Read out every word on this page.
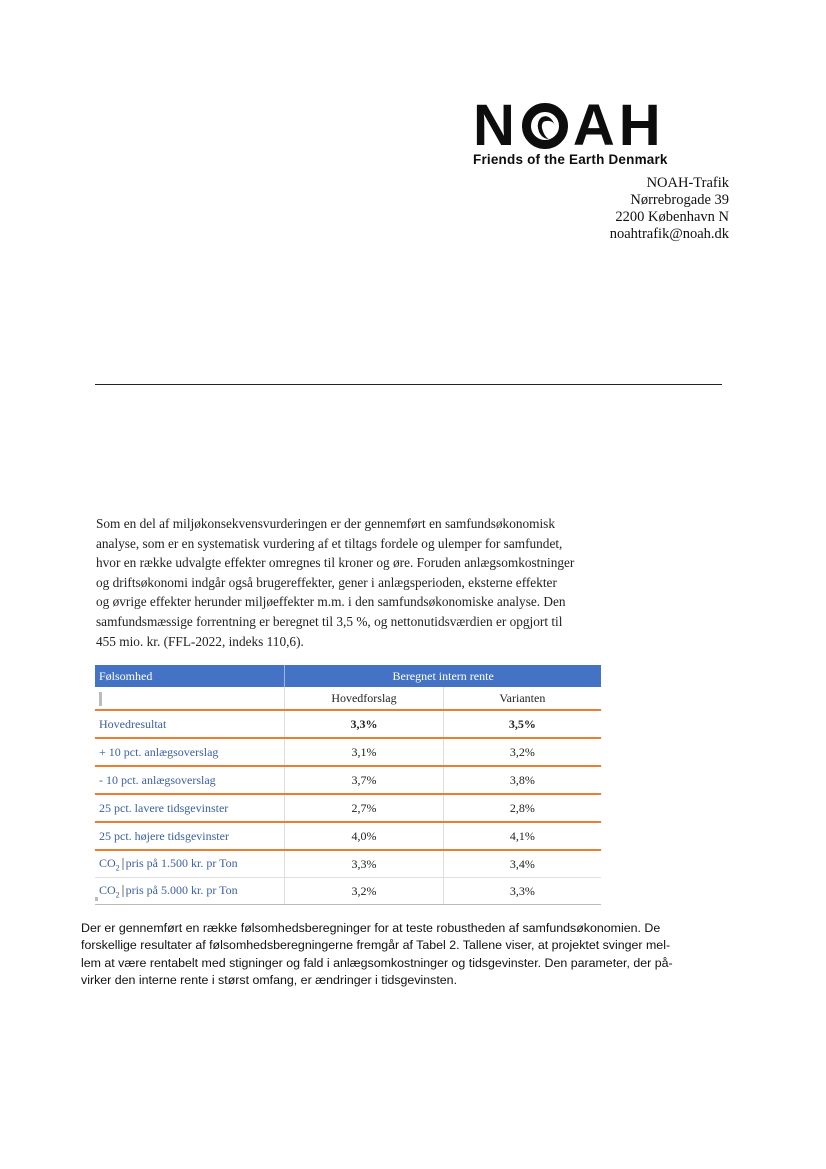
N A H
Friends of the Earth Denmark
NOAH-Trafik
Nørrebrogade 39
2200 København N
noahtrafik@noah.dk
Som en del af miljøkonsekvensvurderingen er der gennemført en samfundsøkonomisk
analyse, som er en systematisk vurdering af et tiltags fordele og ulemper for samfundet,
hvor en række udvalgte effekter omregnes til kroner og øre. Foruden anlægsomkostninger
og driftsøkonomi indgår også brugereffekter, gener i anlægsperioden, eksterne effekter
og øvrige effekter herunder miljøeffekter m.m. i den samfundsøkonomiske analyse. Den
samfundsmæssige forrentning er beregnet til 3,5 %, og nettonutidsværdien er opgjort til
455 mio. kr. (FFL-2022, indeks 110,6).
Følsomhed	Beregnet intern rente	
	Hovedforslag	Varianten
Hovedresultat	3,3%	3,5%
+ 10 pct. anlægsoverslag	3,1%	3,2%
- 10 pct. anlægsoverslag	3,7%	3,8%
25 pct. lavere tidsgevinster	2,7%	2,8%
25 pct. højere tidsgevinster	4,0%	4,1%
$CO_2$ pris på 1.500 kr. pr Ton	3,3%	3,4%
$CO_2$ pris på 5.000 kr. pr Ton	3,2%	3,3%
Der er gennemført en række følsomhedsberegninger for at teste robustheden af samfundsøkonomien. De
forskellige resultater af følsomhedsberegningerne fremgår af Tabel 2. Tallene viser, at projektet svinger mel-
lem at være rentabelt med stigninger og fald i anlægsomkostninger og tidsgevinster. Den parameter, der på-
virker den interne rente i størst omfang, er ændringer i tidsgevinsten.
